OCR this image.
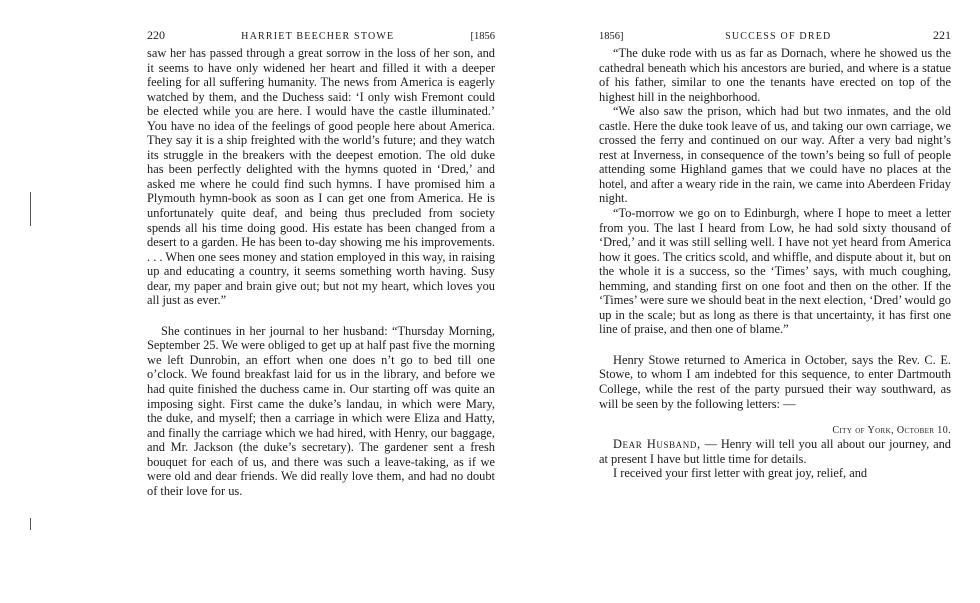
220	HARRIET BEECHER STOWE	[1856

saw her has passed through a great sorrow in the loss of her son, and it seems to have only widened her heart and filled it with a deeper feeling for all suffering humanity. The news from America is eagerly watched by them, and the Duchess said: ‘I only wish Fremont could be elected while you are here. I would have the castle illuminated.’ You have no idea of the feelings of good people here about America. They say it is a ship freighted with the world’s future; and they watch its struggle in the breakers with the deepest emotion. The old duke has been perfectly delighted with the hymns quoted in ‘Dred,’ and asked me where he could find such hymns. I have promised him a Plymouth hymn-book as soon as I can get one from America. He is unfortunately quite deaf, and being thus precluded from society spends all his time doing good. His estate has been changed from a desert to a garden. He has been to-day showing me his improvements. . . . When one sees money and station employed in this way, in raising up and educating a country, it seems something worth having. Susy dear, my paper and brain give out; but not my heart, which loves you all just as ever.”

She continues in her journal to her husband: “Thursday Morning, September 25. We were obliged to get up at half past five the morning we left Dunrobin, an effort when one does n’t go to bed till one o’clock. We found breakfast laid for us in the library, and before we had quite finished the duchess came in. Our starting off was quite an imposing sight. First came the duke’s landau, in which were Mary, the duke, and myself; then a carriage in which were Eliza and Hatty, and finally the carriage which we had hired, with Henry, our baggage, and Mr. Jackson (the duke’s secretary). The gardener sent a fresh bouquet for each of us, and there was such a leave-taking, as if we were old and dear friends. We did really love them, and had no doubt of their love for us.

1856]	SUCCESS OF DRED	221

“The duke rode with us as far as Dornach, where he showed us the cathedral beneath which his ancestors are buried, and where is a statue of his father, similar to one the tenants have erected on top of the highest hill in the neighborhood.

“We also saw the prison, which had but two inmates, and the old castle. Here the duke took leave of us, and taking our own carriage, we crossed the ferry and continued on our way. After a very bad night’s rest at Inverness, in consequence of the town’s being so full of people attending some Highland games that we could have no places at the hotel, and after a weary ride in the rain, we came into Aberdeen Friday night.

“To-morrow we go on to Edinburgh, where I hope to meet a letter from you. The last I heard from Low, he had sold sixty thousand of ‘Dred,’ and it was still selling well. I have not yet heard from America how it goes. The critics scold, and whiffle, and dispute about it, but on the whole it is a success, so the ‘Times’ says, with much coughing, hemming, and standing first on one foot and then on the other. If the ‘Times’ were sure we should beat in the next election, ‘Dred’ would go up in the scale; but as long as there is that uncertainty, it has first one line of praise, and then one of blame.”

Henry Stowe returned to America in October, says the Rev. C. E. Stowe, to whom I am indebted for this sequence, to enter Dartmouth College, while the rest of the party pursued their way southward, as will be seen by the following letters: —

City of York, October 10.

Dear Husband, — Henry will tell you all about our journey, and at present I have but little time for details.

I received your first letter with great joy, relief, and
